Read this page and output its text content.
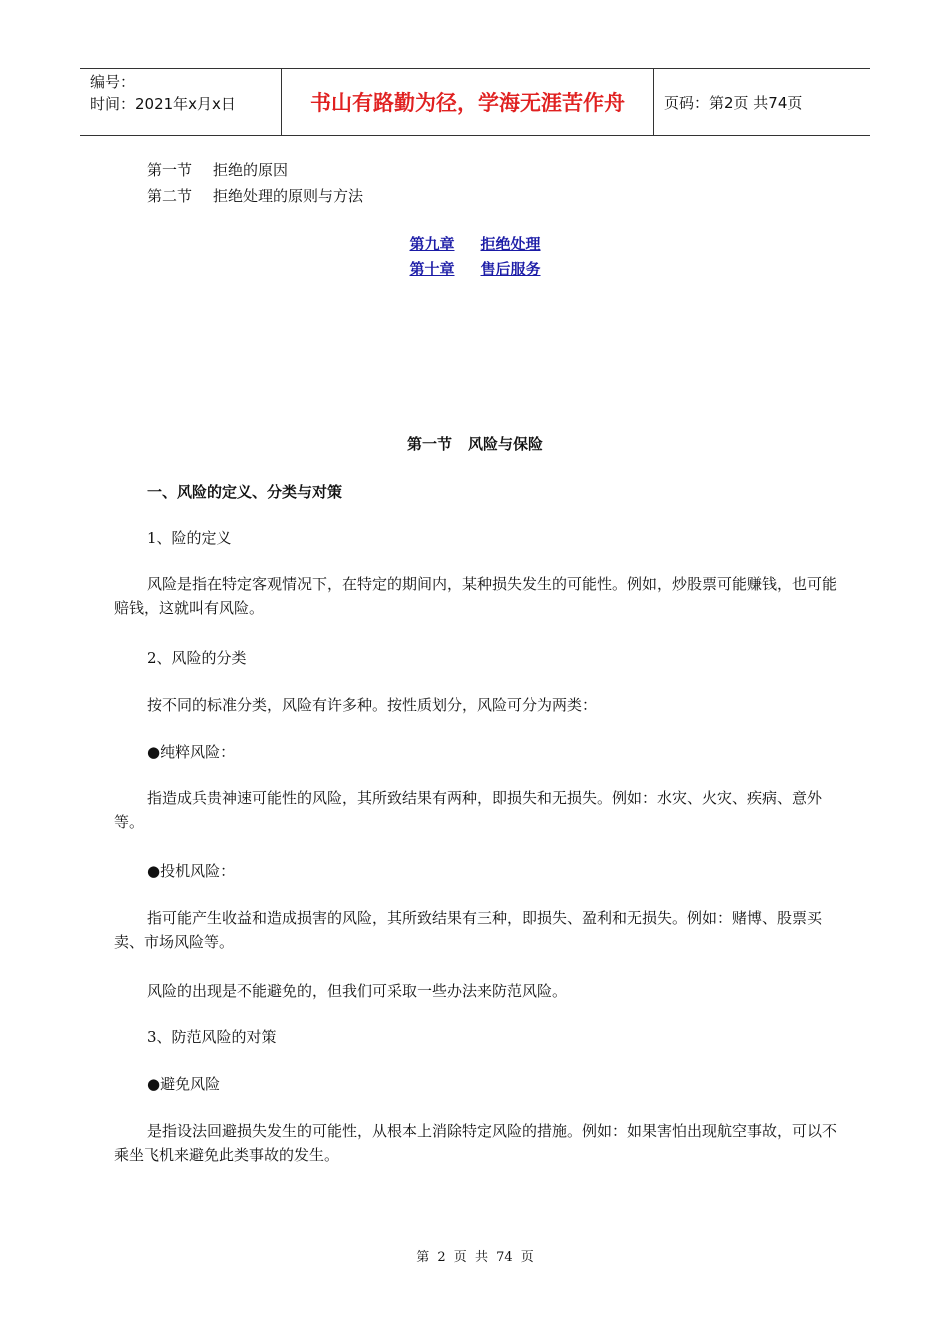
编号：
时间：2021年x月x日	书山有路勤为径，学海无涯苦作舟	页码：第2页 共74页
第一节 拒绝的原因
第二节 拒绝处理的原则与方法
第九章 拒绝处理
第十章 售后服务
第一节 风险与保险
一、风险的定义、分类与对策
1、险的定义
风险是指在特定客观情况下，在特定的期间内，某种损失发生的可能性。例如，炒股票可能赚钱，也可能赔钱，这就叫有风险。
2、风险的分类
按不同的标准分类，风险有许多种。按性质划分，风险可分为两类：
●纯粹风险：
指造成兵贵神速可能性的风险，其所致结果有两种，即损失和无损失。例如：水灾、火灾、疾病、意外等。
●投机风险：
指可能产生收益和造成损害的风险，其所致结果有三种，即损失、盈利和无损失。例如：赌博、股票买卖、市场风险等。
风险的出现是不能避免的，但我们可采取一些办法来防范风险。
3、防范风险的对策
●避免风险
是指设法回避损失发生的可能性，从根本上消除特定风险的措施。例如：如果害怕出现航空事故，可以不乘坐飞机来避免此类事故的发生。
第 2 页 共 74 页
